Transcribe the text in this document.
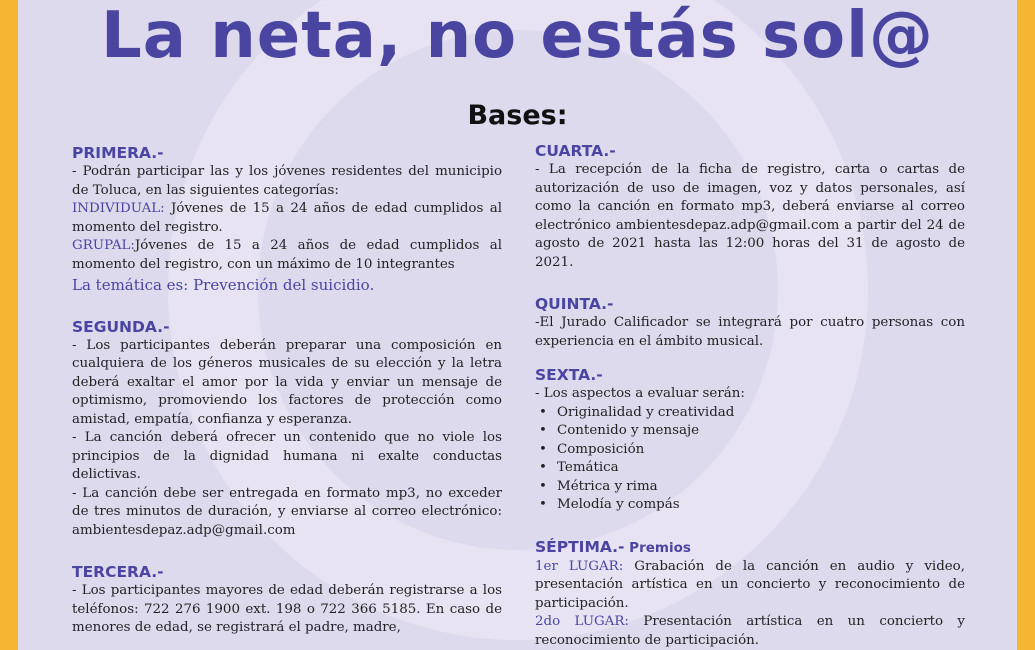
La neta, no estás sol@
Bases:
PRIMERA.-

- Podrán participar las y los jóvenes residentes del municipio de Toluca, en las siguientes categorías:

INDIVIDUAL: Jóvenes de 15 a 24 años de edad cumplidos al momento del registro.

GRUPAL:Jóvenes de 15 a 24 años de edad cumplidos al momento del registro, con un máximo de 10 integrantes

La temática es: Prevención del suicidio.

SEGUNDA.-

- Los participantes deberán preparar una composición en cualquiera de los géneros musicales de su elección y la letra deberá exaltar el amor por la vida y enviar un mensaje de optimismo, promoviendo los factores de protección como amistad, empatía, confianza y esperanza.

- La canción deberá ofrecer un contenido que no viole los principios de la dignidad humana ni exalte conductas delictivas.

- La canción debe ser entregada en formato mp3, no exceder de tres minutos de duración, y enviarse al correo electrónico: ambientesdepaz.adp@gmail.com

TERCERA.-

- Los participantes mayores de edad deberán registrarse a los teléfonos: 722 276 1900 ext. 198 o 722 366 5185. En caso de menores de edad, se registrará el padre, madre,

CUARTA.-

- La recepción de la ficha de registro, carta o cartas de autorización de uso de imagen, voz y datos personales, así como la canción en formato mp3, deberá enviarse al correo electrónico ambientesdepaz.adp@gmail.com a partir del 24 de agosto de 2021 hasta las 12:00 horas del 31 de agosto de 2021.

QUINTA.-

-El Jurado Calificador se integrará por cuatro personas con experiencia en el ámbito musical.

SEXTA.-

- Los aspectos a evaluar serán:

• Originalidad y creatividad
• Contenido y mensaje
• Composición
• Temática
• Métrica y rima
• Melodía y compás
SÉPTIMA.- Premios

1er LUGAR: Grabación de la canción en audio y video, presentación artística en un concierto y reconocimiento de participación.

2do LUGAR: Presentación artística en un concierto y reconocimiento de participación.
